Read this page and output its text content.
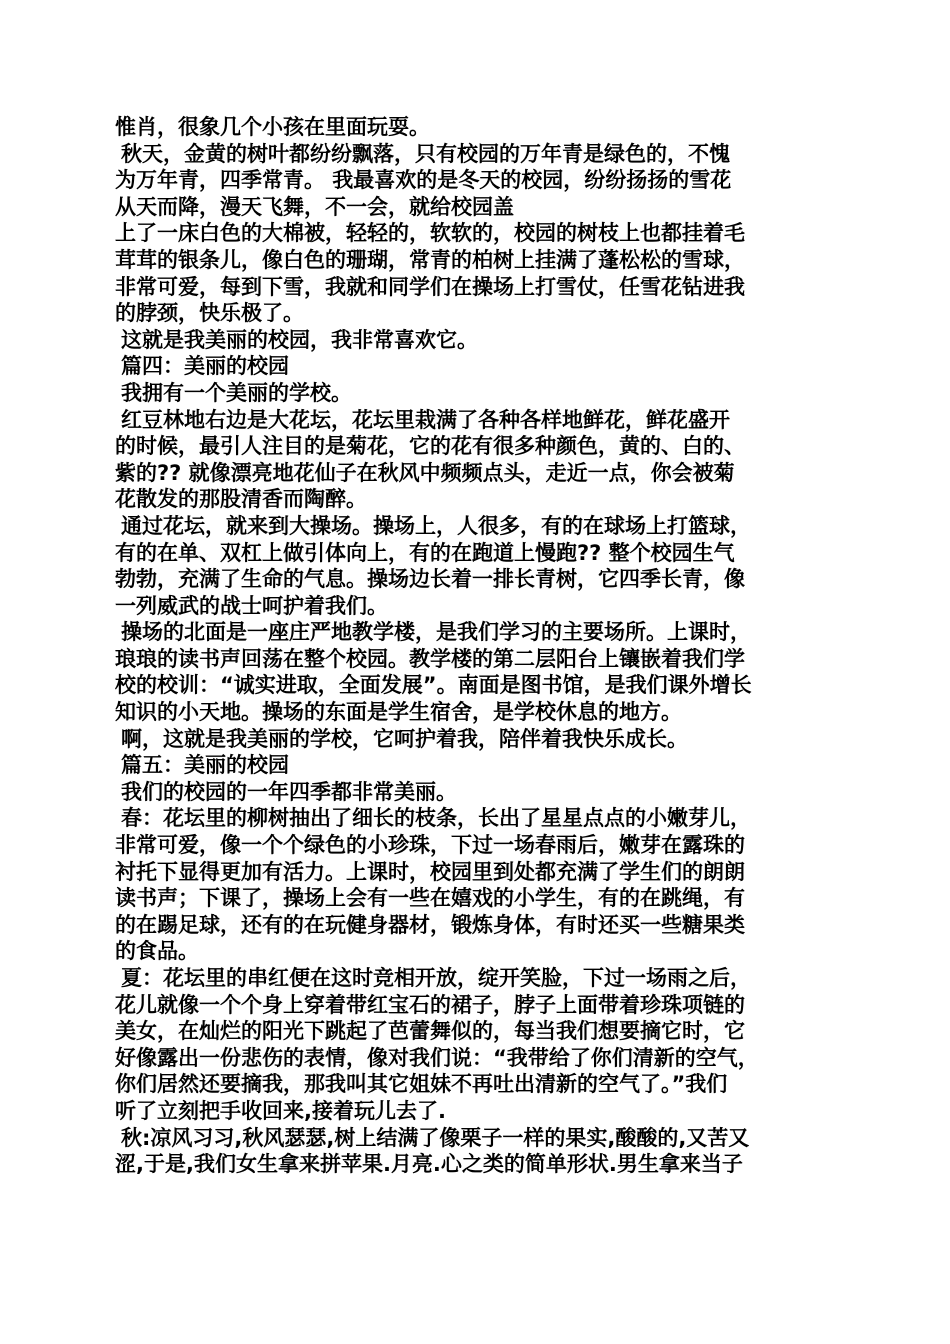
惟肖，很象几个小孩在里面玩耍。
秋天，金黄的树叶都纷纷飘落，只有校园的万年青是绿色的，不愧
为万年青，四季常青。 我最喜欢的是冬天的校园，纷纷扬扬的雪花
从天而降，漫天飞舞，不一会，就给校园盖
上了一床白色的大棉被，轻轻的，软软的，校园的树枝上也都挂着毛
茸茸的银条儿，像白色的珊瑚，常青的柏树上挂满了蓬松松的雪球，
非常可爱，每到下雪，我就和同学们在操场上打雪仗，任雪花钻进我
的脖颈，快乐极了。
这就是我美丽的校园，我非常喜欢它。
篇四：美丽的校园
我拥有一个美丽的学校。
红豆林地右边是大花坛，花坛里栽满了各种各样地鲜花，鲜花盛开
的时候，最引人注目的是菊花，它的花有很多种颜色，黄的、白的、
紫的?? 就像漂亮地花仙子在秋风中频频点头，走近一点，你会被菊
花散发的那股清香而陶醉。
通过花坛，就来到大操场。操场上，人很多，有的在球场上打篮球，
有的在单、双杠上做引体向上，有的在跑道上慢跑?? 整个校园生气
勃勃，充满了生命的气息。操场边长着一排长青树，它四季长青，像
一列威武的战士呵护着我们。
操场的北面是一座庄严地教学楼，是我们学习的主要场所。上课时，
琅琅的读书声回荡在整个校园。教学楼的第二层阳台上镶嵌着我们学
校的校训：“诚实进取，全面发展”。南面是图书馆，是我们课外增长
知识的小天地。操场的东面是学生宿舍，是学校休息的地方。
啊，这就是我美丽的学校，它呵护着我，陪伴着我快乐成长。
篇五：美丽的校园
我们的校园的一年四季都非常美丽。
春：花坛里的柳树抽出了细长的枝条，长出了星星点点的小嫩芽儿，
非常可爱，像一个个绿色的小珍珠，下过一场春雨后，嫩芽在露珠的
衬托下显得更加有活力。上课时，校园里到处都充满了学生们的朗朗
读书声；下课了，操场上会有一些在嬉戏的小学生，有的在跳绳，有
的在踢足球，还有的在玩健身器材，锻炼身体，有时还买一些糖果类
的食品。
夏：花坛里的串红便在这时竞相开放，绽开笑脸，下过一场雨之后，
花儿就像一个个身上穿着带红宝石的裙子，脖子上面带着珍珠项链的
美女，在灿烂的阳光下跳起了芭蕾舞似的，每当我们想要摘它时，它
好像露出一份悲伤的表情，像对我们说：“我带给了你们清新的空气，
你们居然还要摘我，那我叫其它姐妹不再吐出清新的空气了。”我们
听了立刻把手收回来,接着玩儿去了.
秋:凉风习习,秋风瑟瑟,树上结满了像栗子一样的果实,酸酸的,又苦又
涩,于是,我们女生拿来拼苹果.月亮.心之类的简单形状.男生拿来当子
